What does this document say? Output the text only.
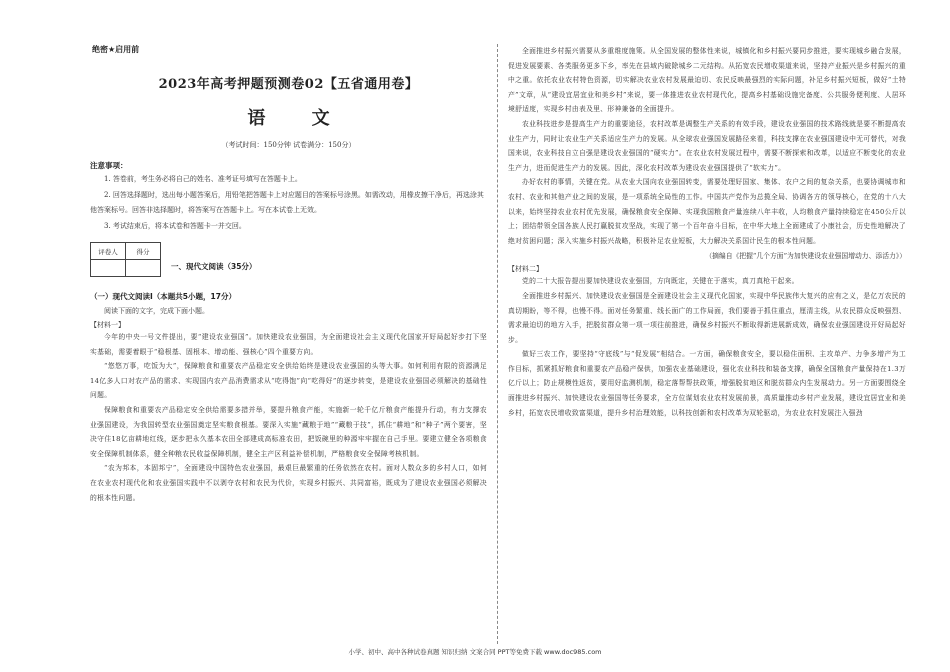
绝密★启用前
2023年高考押题预测卷02【五省通用卷】
语 文
（考试时间：150分钟 试卷满分：150分）
注意事项：

1. 答卷前，考生务必将自己的姓名、准考证号填写在答题卡上。

2. 回答选择题时，选出每小题答案后，用铅笔把答题卡上对应题目的答案标号涂黑。如需改动，用橡皮擦干净后，再选涂其他答案标号。回答非选择题时，将答案写在答题卡上。写在本试卷上无效。

3. 考试结束后，将本试卷和答题卡一并交回。

评卷人	得分

一、现代文阅读（35分）
（一）现代文阅读Ⅰ（本题共5小题，17分）
阅读下面的文字，完成下面小题。
【材料一】

今年的中央一号文件提出，要“建设农业强国”。加快建设农业强国，为全面建设社会主义现代化国家开好局起好步打下坚实基础，需要着眼于“稳根基、固根本、增动能、强核心”四个重要方向。

“悠悠万事，吃饭为大”，保障粮食和重要农产品稳定安全供给始终是建设农业强国的头等大事。如何利用有限的资源满足14亿多人口对农产品的需求、实现国内农产品消费需求从“吃得饱”向“吃得好”的逐步转变，是建设农业强国必须解决的基础性问题。

保障粮食和重要农产品稳定安全供给需要多措并举，要提升粮食产能，实施新一轮千亿斤粮食产能提升行动，有力支撑农业强国建设，为我国转型农业强国奠定坚实粮食根基。要深入实施“藏粮于地”“藏粮于技”，抓住“耕地”和“种子”两个要害，坚决守住18亿亩耕地红线，逐步把永久基本农田全部建成高标准农田，把饭碗里的种源牢牢握在自己手里。要建立健全各项粮食安全保障机制体系，健全种粮农民收益保障机制，健全主产区利益补偿机制，严格粮食安全保障考核机制。

“农为邦本，本固邦宁”，全面建设中国特色农业强国，最艰巨最繁重的任务依然在农村。面对人数众多的乡村人口，如何在农业农村现代化和农业强国实践中不以剥夺农村和农民为代价，实现乡村振兴、共同富裕，既成为了建设农业强国必须解决的根本性问题。

全面推进乡村振兴需要从多重维度施策。从全国发展的整体性来说，城镇化和乡村振兴要同步推进，要实现城乡融合发展，促进发展要素、各类服务更多下乡，率先在县域内破除城乡二元结构。从拓宽农民增收渠道来说，坚持产业振兴是乡村振兴的重中之重。依托农业农村特色资源，切实解决农业农村发展最迫切、农民反映最强烈的实际问题，补足乡村振兴短板，做好“土特产”文章，从“建设宜居宜业和美乡村”来说，要一体推进农业农村现代化，提高乡村基础设施完备度、公共服务便利度、人居环境舒适度，实现乡村由表及里、形神兼备的全面提升。

农业科技进步是提高生产力的重要途径，农村改革是调整生产关系的有效手段，建设农业强国的技术路线就是要不断提高农业生产力，同时让农业生产关系适应生产力的发展。从全球农业强国发展路径来看，科技支撑在农业强国建设中无可替代，对我国来说，农业科技自立自强是建设农业强国的“硬实力”。在农业农村发展过程中，需要不断探索和改革，以适应不断变化的农业生产力，进而促进生产力的发展。因此，深化农村改革为建设农业强国提供了“软实力”。

办好农村的事情，关键在党。从农业大国向农业强国转变，需要处理好国家、集体、农户之间的复杂关系，也要协调城市和农村、农业和其他产业之间的发展，是一项系统全局性的工作。中国共产党作为总揽全局、协调各方的领导核心，在党的十八大以来，始终坚持农业农村优先发展，确保粮食安全保障、实现我国粮食产量连续八年丰收，人均粮食产量持续稳定在450公斤以上；团结带领全国各族人民打赢脱贫攻坚战，实现了第一个百年奋斗目标，在中华大地上全面建成了小康社会，历史性地解决了绝对贫困问题；深入实施乡村振兴战略，积极补足农业短板，大力解决关系国计民生的根本性问题。

（摘编自《把握“几个方面”为加快建设农业强国增动力、添活力》）
【材料二】

党的二十大报告提出要加快建设农业强国，方向既定，关键在于落实，真刀真枪干起来。

全面推进乡村振兴、加快建设农业强国是全面建设社会主义现代化国家，实现中华民族伟大复兴的应有之义，是亿万农民的真切期盼，等不得，也慢不得。面对任务繁重、线长面广的工作局面，我们要善于抓住重点，厘清主线，从农民群众反映强烈、需求最迫切的地方入手，把脱贫群众第一项一项往前推进，确保乡村振兴不断取得新进展新成效，确保农业强国建设开好局起好步。

做好三农工作，要坚持“守底线”与“促发展”相结合。一方面，确保粮食安全，要以稳住面积、主攻单产、力争多增产为工作目标，抓紧抓好粮食和重要农产品稳产保供，加强农业基础建设，强化农业科技和装备支撑，确保全国粮食产量保持在1.3万亿斤以上；防止规模性返贫，要用好监测机制，稳定落帮帮扶政策，增强脱贫地区和脱贫群众内生发展动力。另一方面要围绕全面推进乡村振兴、加快建设农业强国等任务要求，全方位谋划农业农村发展前景，高质量推动乡村产业发展，建设宜居宜业和美乡村，拓宽农民增收致富渠道，提升乡村治理效能，以科技创新和农村改革为双轮驱动，为农业农村发展注入强劲

小学、初中、高中各种试卷真题 知识归纳 文案合同 PPT等免费下载 www.doc985.com
